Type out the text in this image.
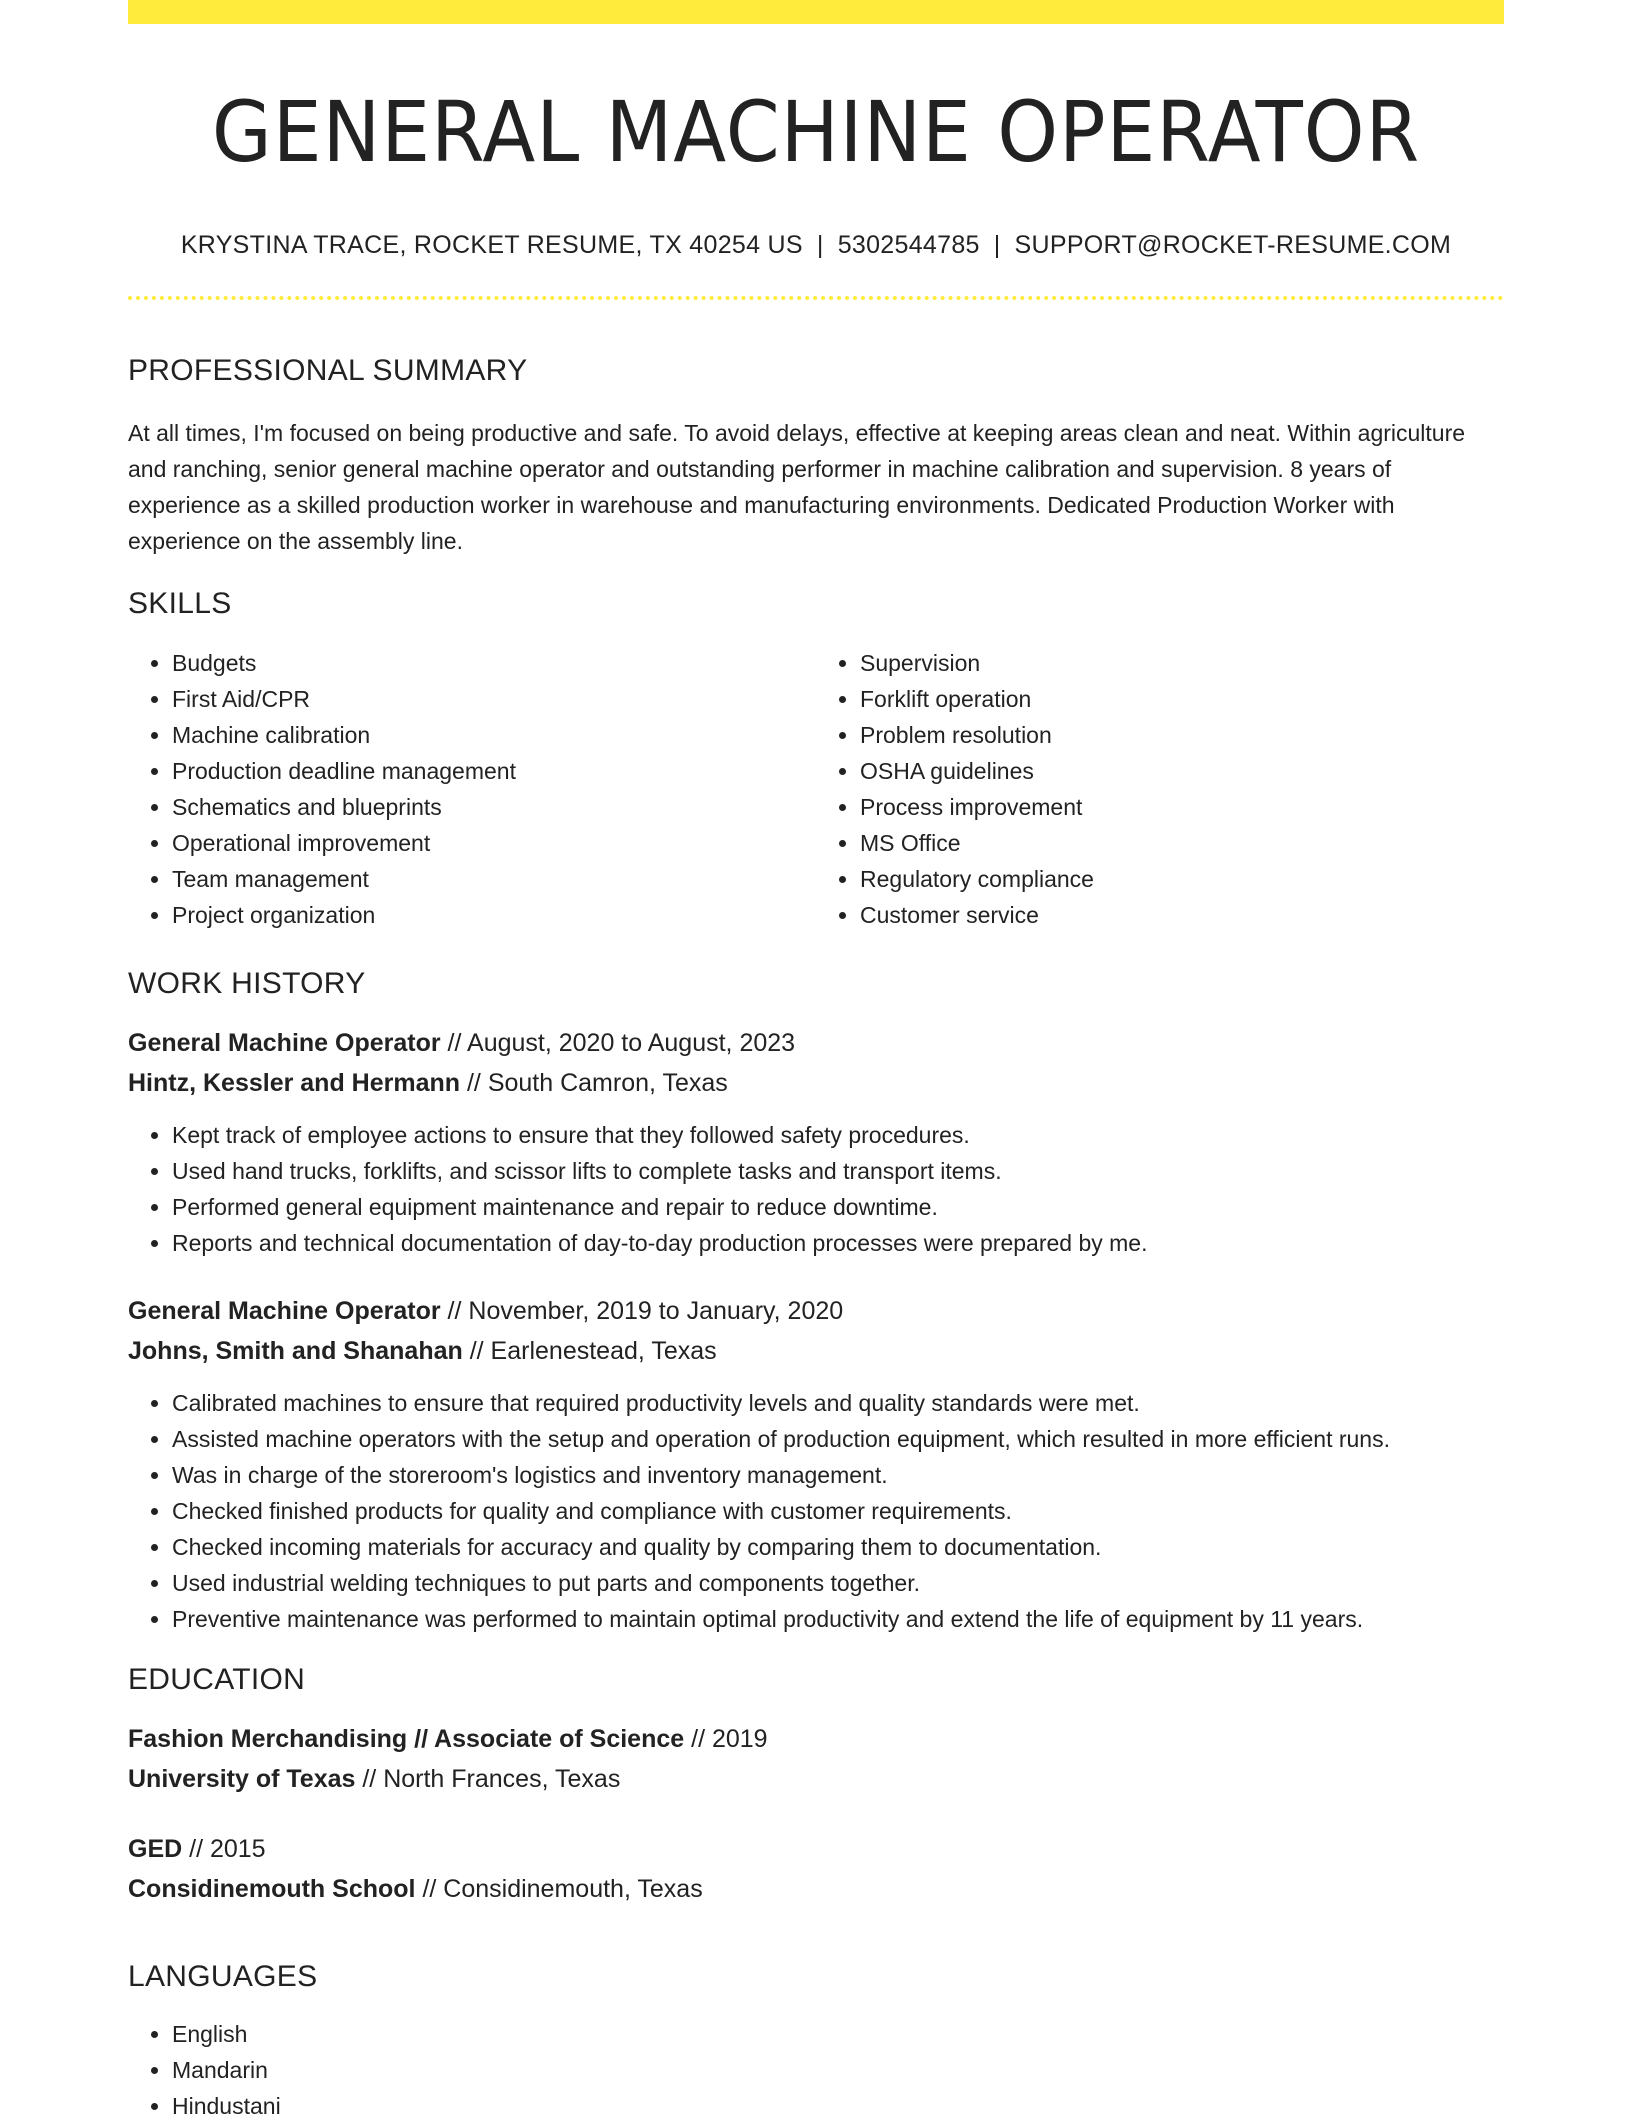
GENERAL MACHINE OPERATOR
KRYSTINA TRACE, ROCKET RESUME, TX 40254 US | 5302544785 | SUPPORT@ROCKET-RESUME.COM
PROFESSIONAL SUMMARY

At all times, I'm focused on being productive and safe. To avoid delays, effective at keeping areas clean and neat. Within agriculture and ranching, senior general machine operator and outstanding performer in machine calibration and supervision. 8 years of experience as a skilled production worker in warehouse and manufacturing environments. Dedicated Production Worker with experience on the assembly line.

SKILLS
• Budgets
• First Aid/CPR
• Machine calibration
• Production deadline management
• Schematics and blueprints
• Operational improvement
• Team management
• Project organization
• Supervision
• Forklift operation
• Problem resolution
• OSHA guidelines
• Process improvement
• MS Office
• Regulatory compliance
• Customer service
WORK HISTORY
General Machine Operator // August, 2020 to August, 2023
Hintz, Kessler and Hermann // South Camron, Texas
• Kept track of employee actions to ensure that they followed safety procedures.
• Used hand trucks, forklifts, and scissor lifts to complete tasks and transport items.
• Performed general equipment maintenance and repair to reduce downtime.
• Reports and technical documentation of day-to-day production processes were prepared by me.
General Machine Operator // November, 2019 to January, 2020
Johns, Smith and Shanahan // Earlenestead, Texas
• Calibrated machines to ensure that required productivity levels and quality standards were met.
• Assisted machine operators with the setup and operation of production equipment, which resulted in more efficient runs.
• Was in charge of the storeroom's logistics and inventory management.
• Checked finished products for quality and compliance with customer requirements.
• Checked incoming materials for accuracy and quality by comparing them to documentation.
• Used industrial welding techniques to put parts and components together.
• Preventive maintenance was performed to maintain optimal productivity and extend the life of equipment by 11 years.
EDUCATION
Fashion Merchandising // Associate of Science // 2019
University of Texas // North Frances, Texas
GED // 2015
Considinemouth School // Considinemouth, Texas
LANGUAGES
• English
• Mandarin
• Hindustani
